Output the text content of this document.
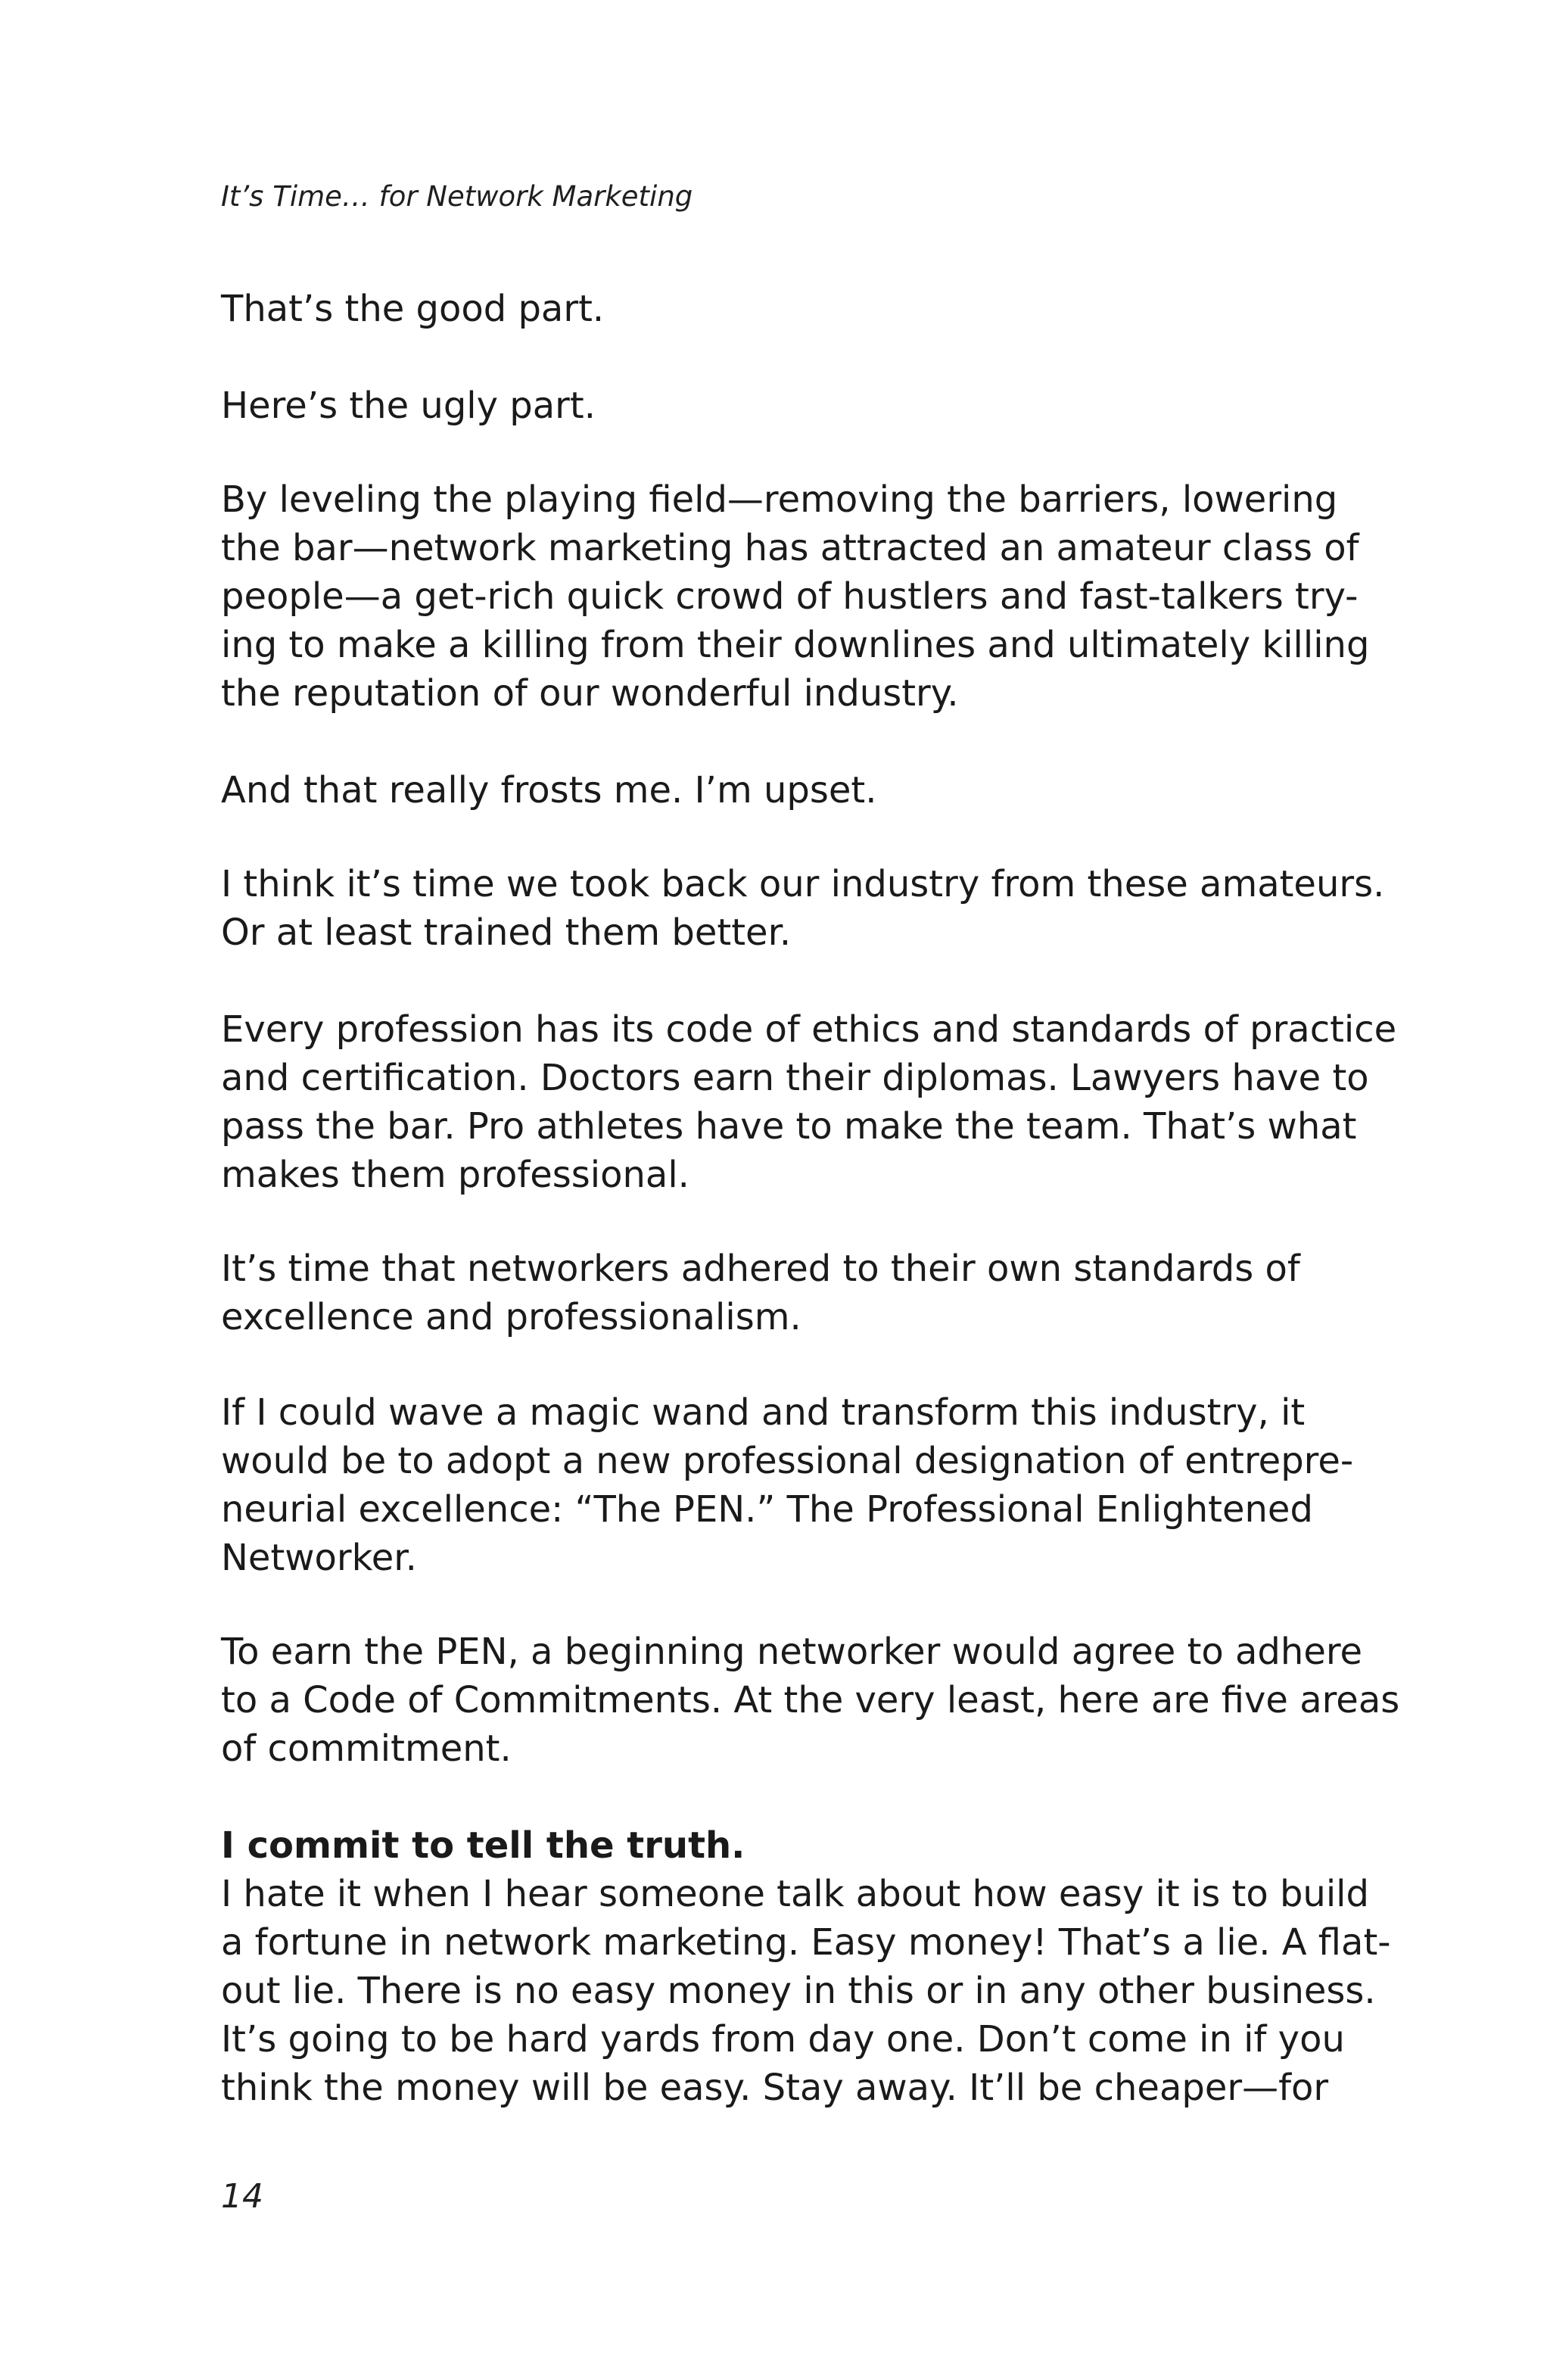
It’s Time… for Network Marketing
That’s the good part.
Here’s the ugly part.
By leveling the playing field—removing the barriers, lowering
the bar—network marketing has attracted an amateur class of
people—a get-rich quick crowd of hustlers and fast-talkers try-
ing to make a killing from their downlines and ultimately killing
the reputation of our wonderful industry.
And that really frosts me. I’m upset.
I think it’s time we took back our industry from these amateurs.
Or at least trained them better.
Every profession has its code of ethics and standards of practice
and certification. Doctors earn their diplomas. Lawyers have to
pass the bar. Pro athletes have to make the team. That’s what
makes them professional.
It’s time that networkers adhered to their own standards of
excellence and professionalism.
If I could wave a magic wand and transform this industry, it
would be to adopt a new professional designation of entrepre-
neurial excellence: “The PEN.” The Professional Enlightened
Networker.
To earn the PEN, a beginning networker would agree to adhere
to a Code of Commitments. At the very least, here are five areas
of commitment.
I commit to tell the truth.
I hate it when I hear someone talk about how easy it is to build
a fortune in network marketing. Easy money! That’s a lie. A flat-
out lie. There is no easy money in this or in any other business.
It’s going to be hard yards from day one. Don’t come in if you
think the money will be easy. Stay away. It’ll be cheaper—for
14
